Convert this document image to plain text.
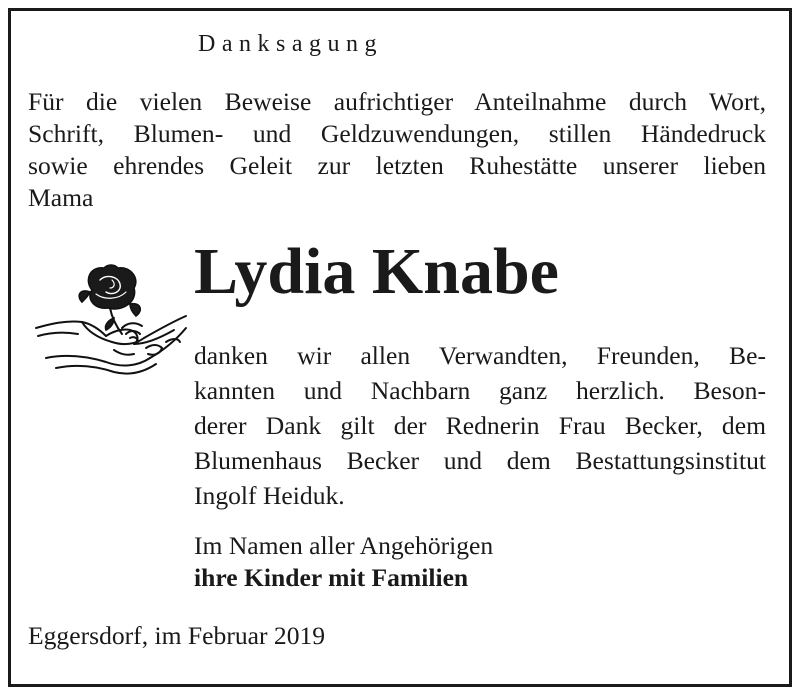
Danksagung
Für die vielen Beweise aufrichtiger Anteilnahme durch Wort,
Schrift, Blumen- und Geldzuwendungen, stillen Händedruck
sowie ehrendes Geleit zur letzten Ruhestätte unserer lieben
Mama
Lydia Knabe
danken wir allen Verwandten, Freunden, Be-
kannten und Nachbarn ganz herzlich. Beson-
derer Dank gilt der Rednerin Frau Becker, dem
Blumenhaus Becker und dem Bestattungsinstitut
Ingolf Heiduk.
Im Namen aller Angehörigen
ihre Kinder mit Familien
Eggersdorf, im Februar 2019
